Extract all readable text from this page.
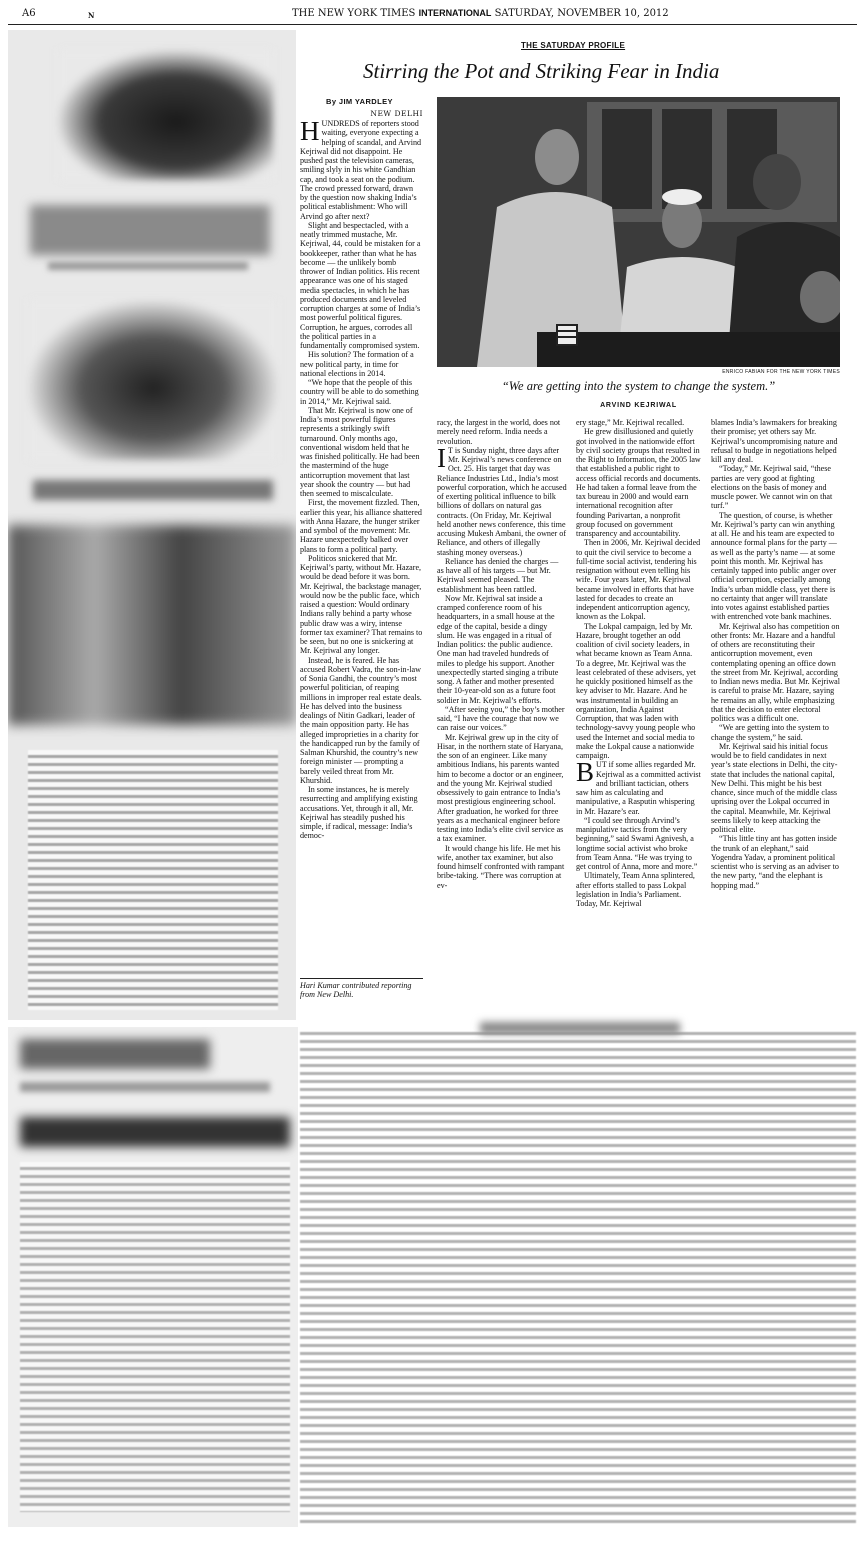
A6	N	THE NEW YORK TIMES INTERNATIONAL SATURDAY, NOVEMBER 10, 2012
THE SATURDAY PROFILE
Stirring the Pot and Striking Fear in India
ENRICO FABIAN FOR THE NEW YORK TIMES
“We are getting into the system to change the system.”
ARVIND KEJRIWAL
By JIM YARDLEY
NEW DELHI

HUNDREDS of reporters stood waiting, everyone expecting a helping of scandal, and Arvind Kejriwal did not disappoint. He pushed past the television cameras, smiling slyly in his white Gandhian cap, and took a seat on the podium. The crowd pressed forward, drawn by the question now shaking India’s political establishment: Who will Arvind go after next?

Slight and bespectacled, with a neatly trimmed mustache, Mr. Kejriwal, 44, could be mistaken for a bookkeeper, rather than what he has become — the unlikely bomb thrower of Indian politics. His recent appearance was one of his staged media spectacles, in which he has produced documents and leveled corruption charges at some of India’s most powerful political figures. Corruption, he argues, corrodes all the political parties in a fundamentally compromised system.

His solution? The formation of a new political party, in time for national elections in 2014.

“We hope that the people of this country will be able to do something in 2014,” Mr. Kejriwal said.

That Mr. Kejriwal is now one of India’s most powerful figures represents a strikingly swift turnaround. Only months ago, conventional wisdom held that he was finished politically. He had been the mastermind of the huge anticorruption movement that last year shook the country — but had then seemed to miscalculate.

First, the movement fizzled. Then, earlier this year, his alliance shattered with Anna Hazare, the hunger striker and symbol of the movement: Mr. Hazare unexpectedly balked over plans to form a political party.

Politicos snickered that Mr. Kejriwal’s party, without Mr. Hazare, would be dead before it was born. Mr. Kejriwal, the backstage manager, would now be the public face, which raised a question: Would ordinary Indians rally behind a party whose public draw was a wiry, intense former tax examiner? That remains to be seen, but no one is snickering at Mr. Kejriwal any longer.

Instead, he is feared. He has accused Robert Vadra, the son-in-law of Sonia Gandhi, the country’s most powerful politician, of reaping millions in improper real estate deals. He has delved into the business dealings of Nitin Gadkari, leader of the main opposition party. He has alleged improprieties in a charity for the handicapped run by the family of Salman Khurshid, the country’s new foreign minister — prompting a barely veiled threat from Mr. Khurshid.

In some instances, he is merely resurrecting and amplifying existing accusations. Yet, through it all, Mr. Kejriwal has steadily pushed his simple, if radical, message: India’s democ-

Hari Kumar contributed reporting from New Delhi.

racy, the largest in the world, does not merely need reform. India needs a revolution.

I T is Sunday night, three days after Mr. Kejriwal’s news conference on Oct. 25. His target that day was Reliance Industries Ltd., India’s most powerful corporation, which he accused of exerting political influence to bilk billions of dollars on natural gas contracts. (On Friday, Mr. Kejriwal held another news conference, this time accusing Mukesh Ambani, the owner of Reliance, and others of illegally stashing money overseas.)

Reliance has denied the charges — as have all of his targets — but Mr. Kejriwal seemed pleased. The establishment has been rattled.

Now Mr. Kejriwal sat inside a cramped conference room of his headquarters, in a small house at the edge of the capital, beside a dingy slum. He was engaged in a ritual of Indian politics: the public audience. One man had traveled hundreds of miles to pledge his support. Another unexpectedly started singing a tribute song. A father and mother presented their 10-year-old son as a future foot soldier in Mr. Kejriwal’s efforts.

“After seeing you,” the boy’s mother said, “I have the courage that now we can raise our voices.”

Mr. Kejriwal grew up in the city of Hisar, in the northern state of Haryana, the son of an engineer. Like many ambitious Indians, his parents wanted him to become a doctor or an engineer, and the young Mr. Kejriwal studied obsessively to gain entrance to India’s most prestigious engineering school. After graduation, he worked for three years as a mechanical engineer before testing into India’s elite civil service as a tax examiner.

It would change his life. He met his wife, another tax examiner, but also found himself confronted with rampant bribe-taking. “There was corruption at ev-

ery stage,” Mr. Kejriwal recalled.

He grew disillusioned and quietly got involved in the nationwide effort by civil society groups that resulted in the Right to Information, the 2005 law that established a public right to access official records and documents. He had taken a formal leave from the tax bureau in 2000 and would earn international recognition after founding Parivartan, a nonprofit group focused on government transparency and accountability.

Then in 2006, Mr. Kejriwal decided to quit the civil service to become a full-time social activist, tendering his resignation without even telling his wife. Four years later, Mr. Kejriwal became involved in efforts that have lasted for decades to create an independent anticorruption agency, known as the Lokpal.

The Lokpal campaign, led by Mr. Hazare, brought together an odd coalition of civil society leaders, in what became known as Team Anna. To a degree, Mr. Kejriwal was the least celebrated of these advisers, yet he quickly positioned himself as the key adviser to Mr. Hazare. And he was instrumental in building an organization, India Against Corruption, that was laden with technology-savvy young people who used the Internet and social media to make the Lokpal cause a nationwide campaign.

BUT if some allies regarded Mr. Kejriwal as a committed activist and brilliant tactician, others saw him as calculating and manipulative, a Rasputin whispering in Mr. Hazare’s ear.

“I could see through Arvind’s manipulative tactics from the very beginning,” said Swami Agnivesh, a longtime social activist who broke from Team Anna. “He was trying to get control of Anna, more and more.”

Ultimately, Team Anna splintered, after efforts stalled to pass Lokpal legislation in India’s Parliament. Today, Mr. Kejriwal

blames India’s lawmakers for breaking their promise; yet others say Mr. Kejriwal’s uncompromising nature and refusal to budge in negotiations helped kill any deal.

“Today,” Mr. Kejriwal said, “these parties are very good at fighting elections on the basis of money and muscle power. We cannot win on that turf.”

The question, of course, is whether Mr. Kejriwal’s party can win anything at all. He and his team are expected to announce formal plans for the party — as well as the party’s name — at some point this month. Mr. Kejriwal has certainly tapped into public anger over official corruption, especially among India’s urban middle class, yet there is no certainty that anger will translate into votes against established parties with entrenched vote bank machines.

Mr. Kejriwal also has competition on other fronts: Mr. Hazare and a handful of others are reconstituting their anticorruption movement, even contemplating opening an office down the street from Mr. Kejriwal, according to Indian news media. But Mr. Kejriwal is careful to praise Mr. Hazare, saying he remains an ally, while emphasizing that the decision to enter electoral politics was a difficult one.

“We are getting into the system to change the system,” he said.

Mr. Kejriwal said his initial focus would be to field candidates in next year’s state elections in Delhi, the city-state that includes the national capital, New Delhi. This might be his best chance, since much of the middle class uprising over the Lokpal occurred in the capital. Meanwhile, Mr. Kejriwal seems likely to keep attacking the political elite.

“This little tiny ant has gotten inside the trunk of an elephant,” said Yogendra Yadav, a prominent political scientist who is serving as an adviser to the new party, “and the elephant is hopping mad.”
